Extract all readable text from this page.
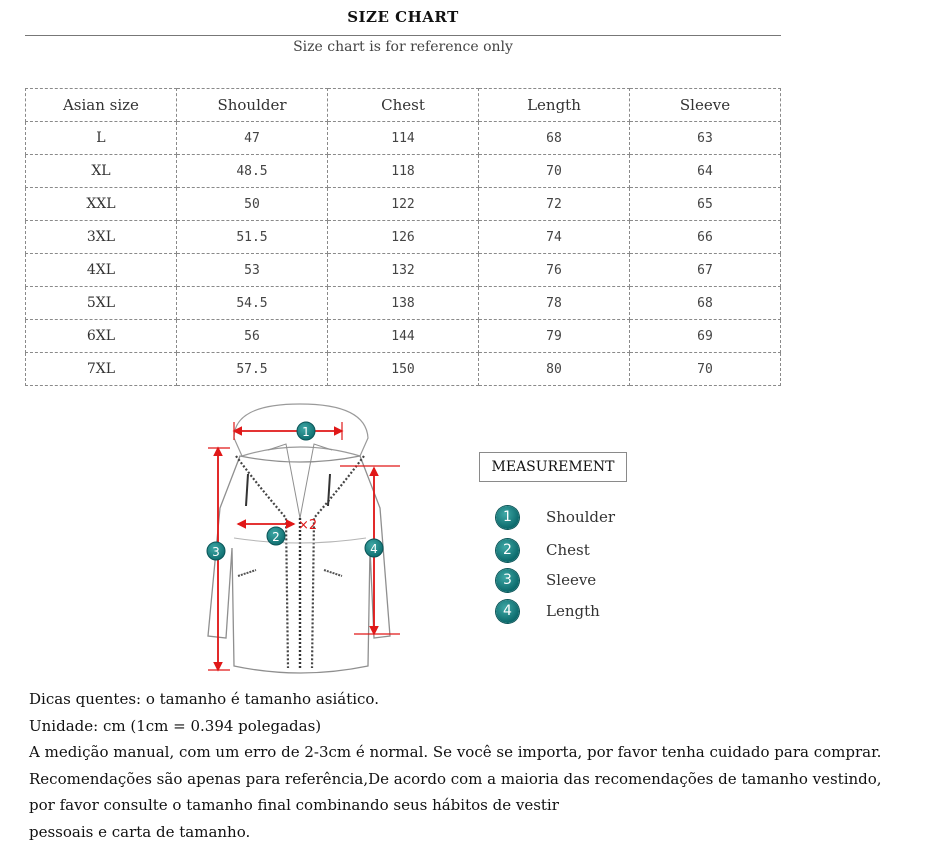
SIZE CHART
Size chart is for reference only
Asian size	Shoulder	Chest	Length	Sleeve
L	47	114	68	63
XL	48.5	118	70	64
XXL	50	122	72	65
3XL	51.5	126	74	66
4XL	53	132	76	67
5XL	54.5	138	78	68
6XL	56	144	79	69
7XL	57.5	150	80	70
×2
1
2
3	4
MEASUREMENT
1	Shoulder
2	Chest
3	Sleeve
4	Length

Dicas quentes: o tamanho é tamanho asiático.

Unidade: cm (1cm = 0.394 polegadas)

A medição manual, com um erro de 2-3cm é normal. Se você se importa, por favor tenha cuidado para comprar.

Recomendações são apenas para referência,De acordo com a maioria das recomendações de tamanho vestindo,

por favor consulte o tamanho final combinando seus hábitos de vestir

pessoais e carta de tamanho.
